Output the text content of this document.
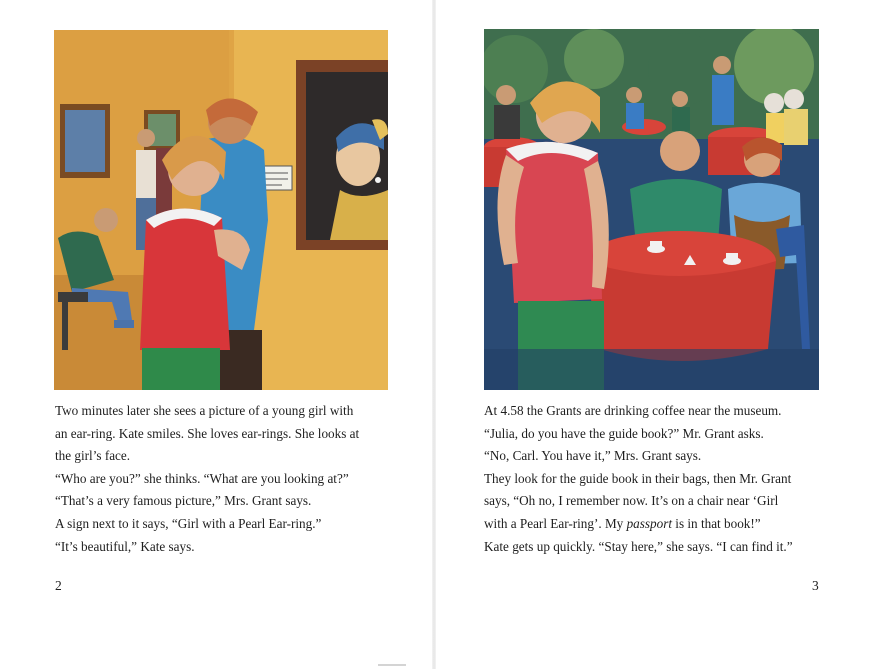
Two minutes later she sees a picture of a young girl with

an ear-ring. Kate smiles. She loves ear-rings. She looks at

the girl’s face.

“Who are you?” she thinks. “What are you looking at?”

“That’s a very famous picture,” Mrs. Grant says.

A sign next to it says, “Girl with a Pearl Ear-ring.”

“It’s beautiful,” Kate says.

2

At 4.58 the Grants are drinking coffee near the museum.

“Julia, do you have the guide book?” Mr. Grant asks.

“No, Carl. You have it,” Mrs. Grant says.

They look for the guide book in their bags, then Mr. Grant

says, “Oh no, I remember now. It’s on a chair near ‘Girl

with a Pearl Ear-ring’. My passport is in that book!”

Kate gets up quickly. “Stay here,” she says. “I can find it.”

3
